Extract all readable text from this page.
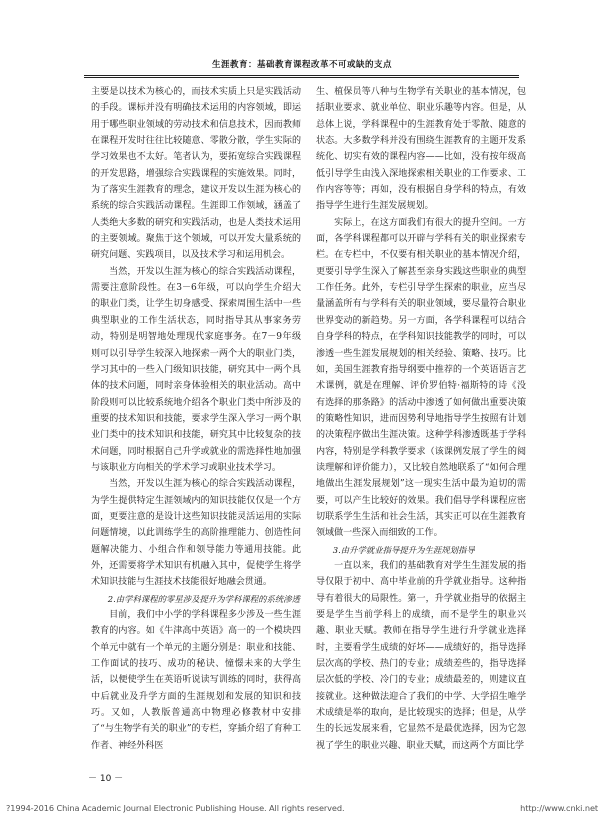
生涯教育：基础教育课程改革不可或缺的支点

主要是以技术为核心的，而技术实质上只是实践活动的手段。课标并没有明确技术运用的内容领域，即运用于哪些职业领域的劳动技术和信息技术，因而教师在课程开发时往往比较随意、零散分散，学生实际的学习效果也不太好。笔者认为，要拓宽综合实践课程的开发思路，增强综合实践课程的实施效果。同时，为了落实生涯教育的理念，建议开发以生涯为核心的系统的综合实践活动课程。生涯即工作领域，涵盖了人类绝大多数的研究和实践活动，也是人类技术运用的主要领域。聚焦于这个领域，可以开发大量系统的研究问题、实践项目，以及技术学习和运用机会。

当然，开发以生涯为核心的综合实践活动课程，需要注意阶段性。在3－6年级，可以向学生介绍大的职业门类，让学生切身感受、探索周围生活中一些典型职业的工作生活状态，同时指导其从事家务劳动，特别是明智地处理现代家庭事务。在7－9年级则可以引导学生较深入地探索一两个大的职业门类，学习其中的一些入门级知识技能，研究其中一两个具体的技术问题，同时亲身体验相关的职业活动。高中阶段则可以比较系统地介绍各个职业门类中所涉及的重要的技术知识和技能，要求学生深入学习一两个职业门类中的技术知识和技能，研究其中比较复杂的技术问题，同时根据自己升学或就业的需选择性地加强与该职业方向相关的学术学习或职业技术学习。

当然，开发以生涯为核心的综合实践活动课程，为学生提供特定生涯领域内的知识技能仅仅是一个方面，更要注意的是设计这些知识技能灵活运用的实际问题情境，以此训练学生的高阶推理能力、创造性问题解决能力、小组合作和领导能力等通用技能。此外，还需要将学术知识有机融入其中，促使学生将学术知识技能与生涯技术技能很好地融会贯通。

2.由学科课程的零星涉及提升为学科课程的系统渗透

目前，我们中小学的学科课程多少涉及一些生涯教育的内容。如《牛津高中英语》高一的一个模块四个单元中就有一个单元的主题分别是：职业和技能、工作面试的技巧、成功的秘诀、憧憬未来的大学生活，以便使学生在英语听说读写训练的同时，获得高中后就业及升学方面的生涯规划和发展的知识和技巧。又如，人教版普通高中物理必修教材中安排了“与生物学有关的职业”的专栏，穿插介绍了育种工作者、神经外科医

生、植保员等八种与生物学有关职业的基本情况，包括职业要求、就业单位、职业乐趣等内容。但是，从总体上说，学科课程中的生涯教育处于零散、随意的状态。大多数学科并没有围绕生涯教育的主题开发系统化、切实有效的课程内容——比如，没有按年级高低引导学生由浅入深地探索相关职业的工作要求、工作内容等等；再如，没有根据自身学科的特点，有效指导学生进行生涯发展规划。

实际上，在这方面我们有很大的提升空间。一方面，各学科课程都可以开辟与学科有关的职业探索专栏。在专栏中，不仅要有相关职业的基本情况介绍，更要引导学生深入了解甚至亲身实践这些职业的典型工作任务。此外，专栏引导学生探索的职业，应当尽量涵盖所有与学科有关的职业领域，要尽量符合职业世界变动的新趋势。另一方面，各学科课程可以结合自身学科的特点，在学科知识技能教学的同时，可以渗透一些生涯发展规划的相关经验、策略、技巧。比如，美国生涯教育指导纲要中推荐的一个英语语言艺术课例，就是在理解、评价罗伯特·福斯特的诗《没有选择的那条路》的活动中渗透了如何做出重要决策的策略性知识，进而因势利导地指导学生按照有计划的决策程序做出生涯决策。这种学科渗透既基于学科内容，特别是学科教学要求（该课例发展了学生的阅读理解和评价能力），又比较自然地联系了“如何合理地做出生涯发展规划”这一现实生活中最为迫切的需要，可以产生比较好的效果。我们倡导学科课程应密切联系学生生活和社会生活，其实正可以在生涯教育领域做一些深入而细致的工作。

3.由升学就业指导提升为生涯规划指导

一直以来，我们的基础教育对学生生涯发展的指导仅限于初中、高中毕业前的升学就业指导。这种指导有着很大的局限性。第一，升学就业指导的依据主要是学生当前学科上的成绩，而不是学生的职业兴趣、职业天赋。教师在指导学生进行升学就业选择时，主要看学生成绩的好坏——成绩好的，指导选择层次高的学校、热门的专业；成绩差些的，指导选择层次低的学校、冷门的专业；成绩最差的，则建议直接就业。这种做法迎合了我们的中学、大学招生唯学术成绩是举的取向，是比较现实的选择；但是，从学生的长远发展来看，它显然不是最优选择，因为它忽视了学生的职业兴趣、职业天赋，而这两个方面比学

－ 10 －
?1994-2016 China Academic Journal Electronic Publishing House. All rights reserved.	http://www.cnki.net
